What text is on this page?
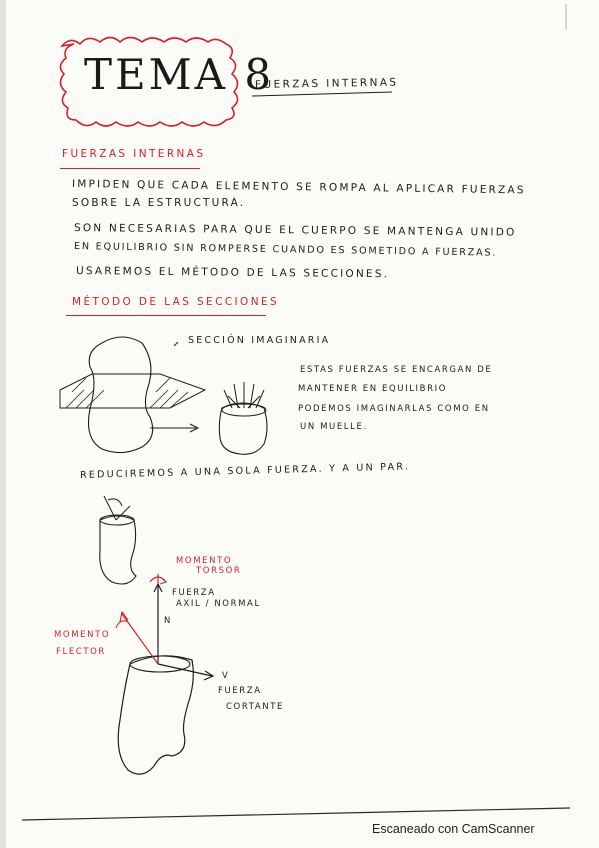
TEMA 8
FUERZAS INTERNAS
FUERZAS INTERNAS
IMPIDEN QUE CADA ELEMENTO SE ROMPA AL APLICAR FUERZAS
SOBRE LA ESTRUCTURA.
SON NECESARIAS PARA QUE EL CUERPO SE MANTENGA UNIDO
EN EQUILIBRIO SIN ROMPERSE CUANDO ES SOMETIDO A FUERZAS.
USAREMOS EL MÉTODO DE LAS SECCIONES.
MÉTODO DE LAS SECCIONES
SECCIÓN IMAGINARIA
ESTAS FUERZAS SE ENCARGAN DE
MANTENER EN EQUILIBRIO
PODEMOS IMAGINARLAS COMO EN
UN MUELLE.
REDUCIREMOS A UNA SOLA FUERZA. Y A UN PAR.
MOMENTO
TORSOR
FUERZA
AXIL / NORMAL
N
MOMENTO
FLECTOR
V
FUERZA
CORTANTE
Escaneado con CamScanner
